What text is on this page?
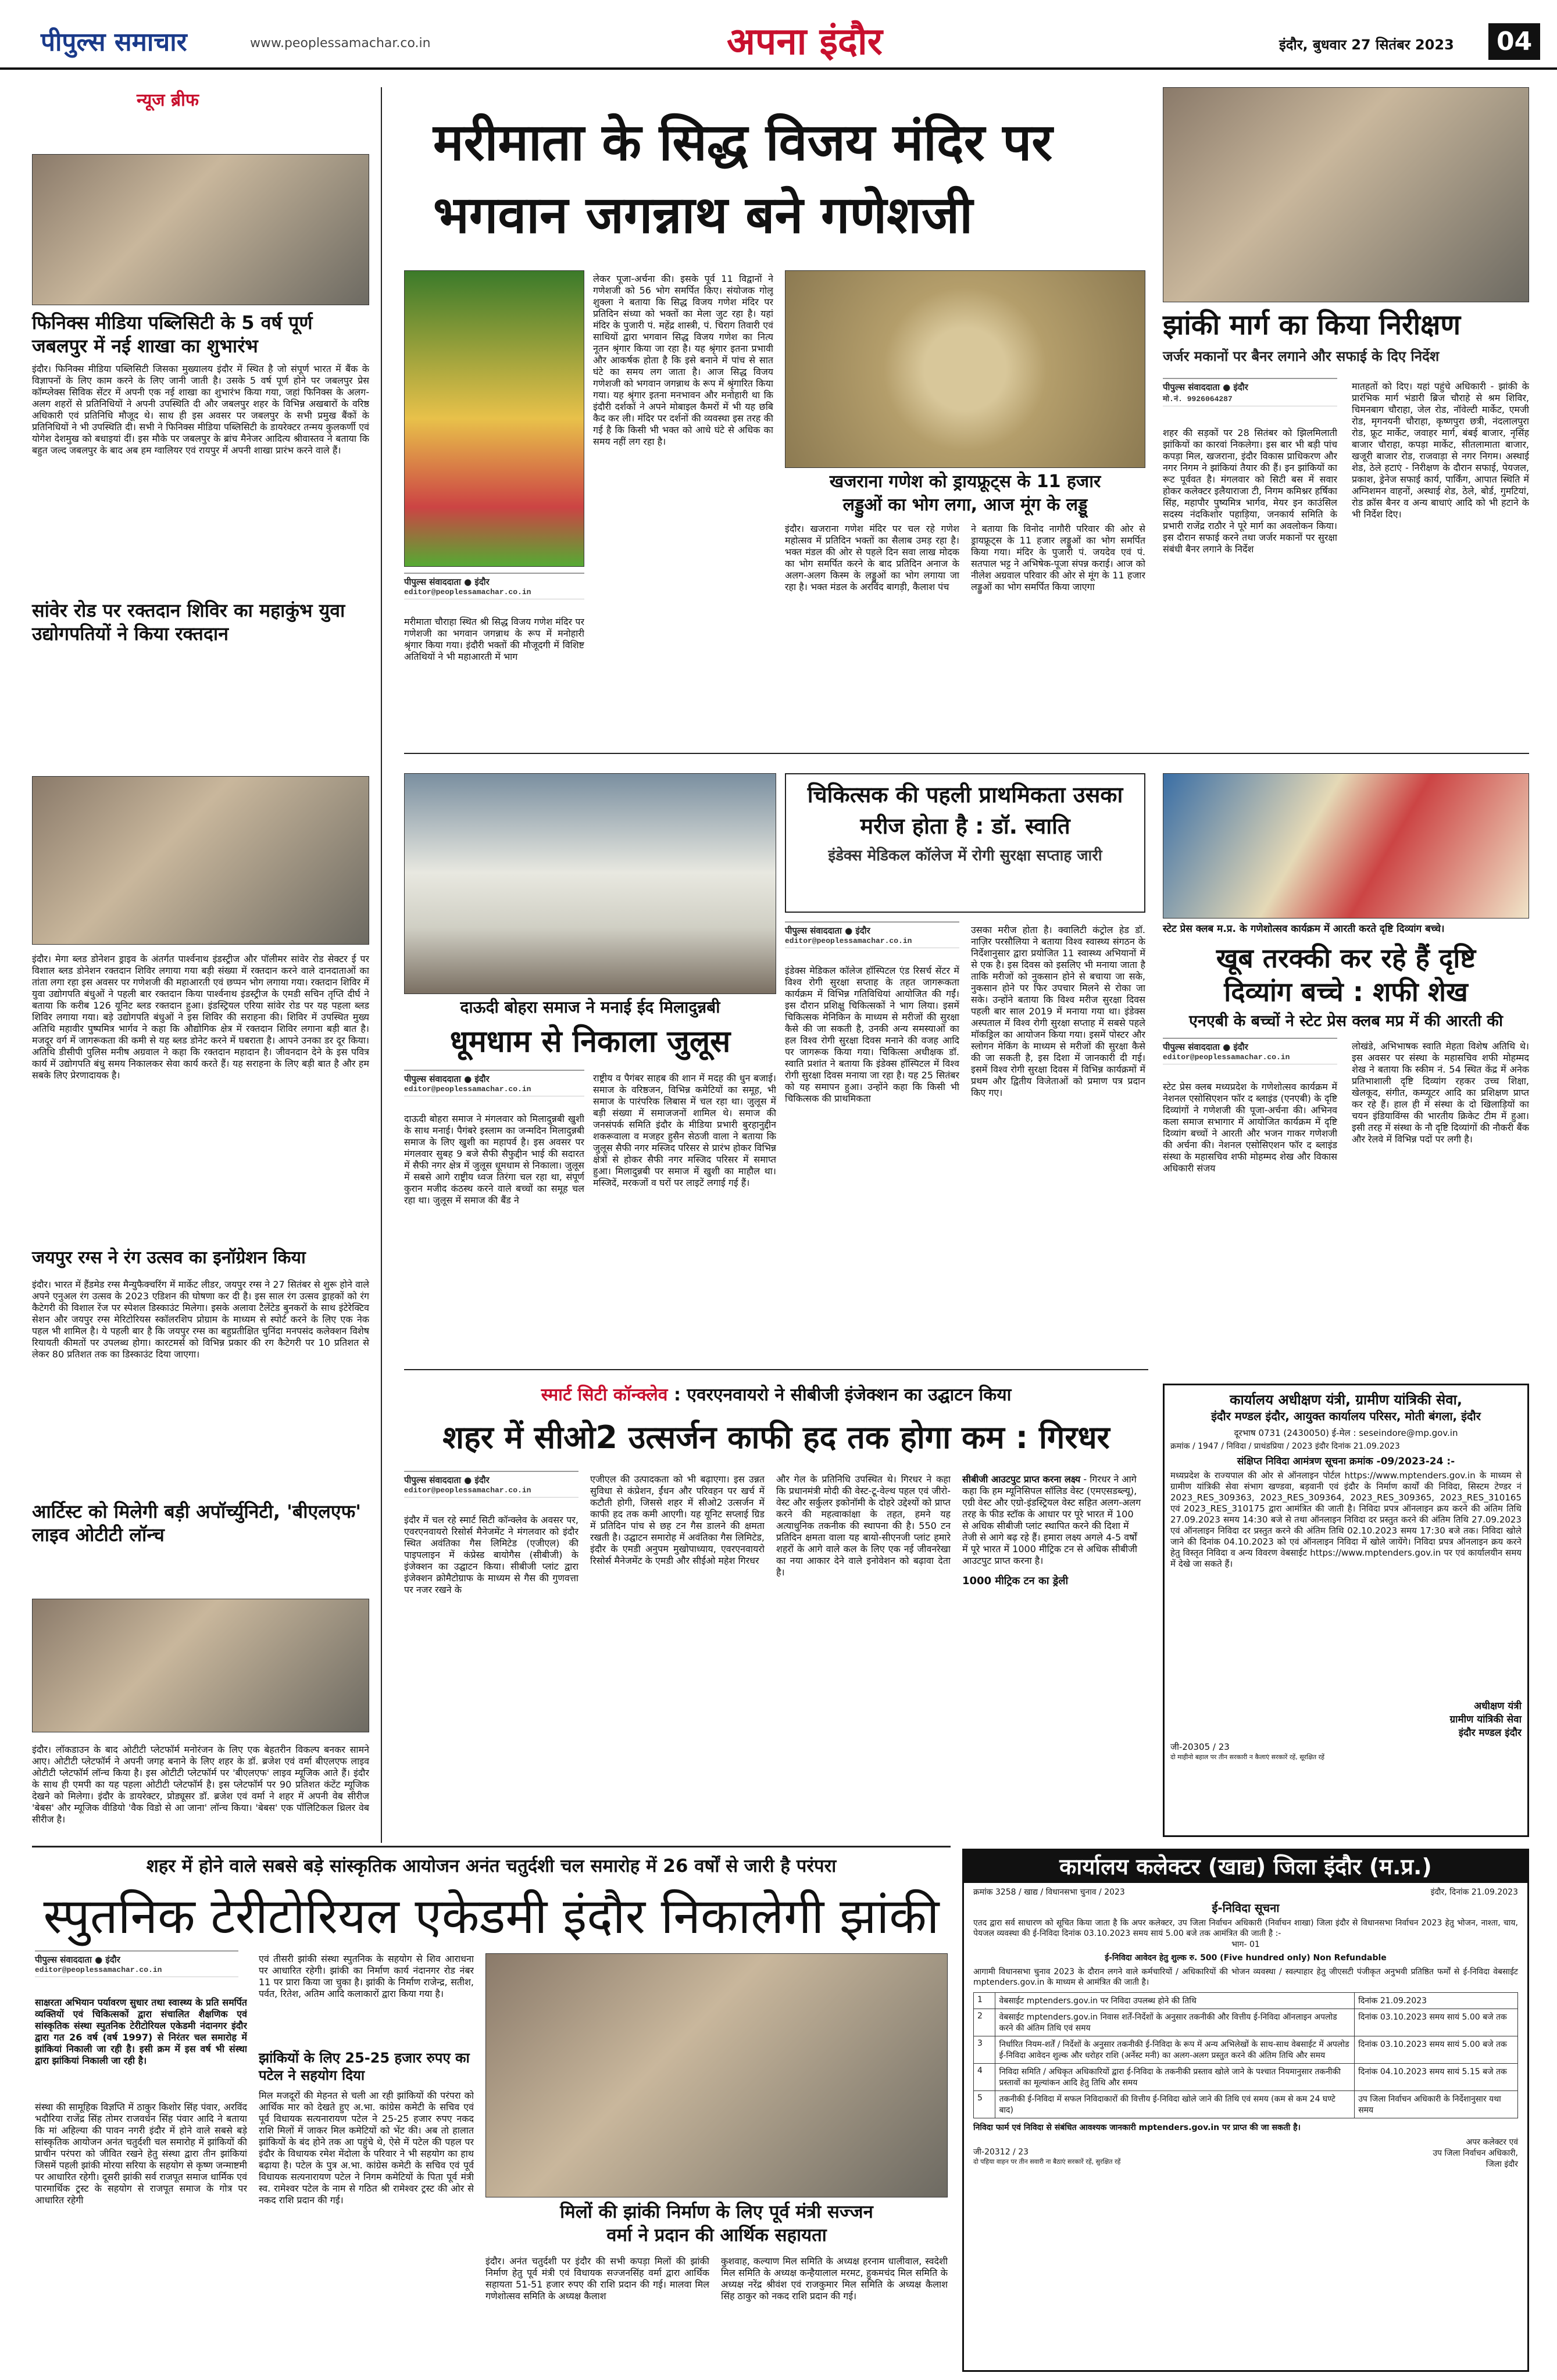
पीपुल्स समाचार	www.peoplessamachar.co.in	अपना इंदौर	इंदौर, बुधवार 27 सितंबर 2023	04
न्यूज ब्रीफ
फिनिक्स मीडिया पब्लिसिटी के 5 वर्ष पूर्ण जबलपुर में नई शाखा का शुभारंभ
इंदौर। फिनिक्स मीडिया पब्लिसिटी जिसका मुख्यालय इंदौर में स्थित है जो संपूर्ण भारत में बैंक के विज्ञापनों के लिए काम करने के लिए जानी जाती है। उसके 5 वर्ष पूर्ण होने पर जबलपुर प्रेस कॉम्प्लेक्स सिविक सेंटर में अपनी एक नई शाखा का शुभारंभ किया गया, जहां फिनिक्स के अलग-अलग शहरों से प्रतिनिधियों ने अपनी उपस्थिति दी और जबलपुर शहर के विभिन्न अखबारों के वरिष्ठ अधिकारी एवं प्रतिनिधि मौजूद थे। साथ ही इस अवसर पर जबलपुर के सभी प्रमुख बैंकों के प्रतिनिधियों ने भी उपस्थिति दी। सभी ने फिनिक्स मीडिया पब्लिसिटी के डायरेक्टर तन्मय कुलकर्णी एवं योगेश देशमुख को बधाइयां दीं। इस मौके पर जबलपुर के ब्रांच मैनेजर आदित्य श्रीवास्तव ने बताया कि बहुत जल्द जबलपुर के बाद अब हम ग्वालियर एवं रायपुर में अपनी शाखा प्रारंभ करने वाले हैं।
सांवेर रोड पर रक्तदान शिविर का महाकुंभ युवा उद्योगपतियों ने किया रक्तदान
इंदौर। मेगा ब्लड डोनेशन ड्राइव के अंतर्गत पार्श्वनाथ इंडस्ट्रीज और पॉलीमर सांवेर रोड सेक्टर ई पर विशाल ब्लड डोनेशन रक्तदान शिविर लगाया गया बड़ी संख्या में रक्तदान करने वाले दानदाताओं का तांता लगा रहा इस अवसर पर गणेशजी की महाआरती एवं छप्पन भोग लगाया गया। रक्तदान शिविर में युवा उद्योगपति बंधुओं ने पहली बार रक्तदान किया पार्श्वनाथ इंडस्ट्रीज के एमडी सचिन तृप्ति दीर्घ ने बताया कि करीब 126 यूनिट ब्लड रक्तदान हुआ। इंडस्ट्रियल एरिया सांवेर रोड पर यह पहला ब्लड शिविर लगाया गया। बड़े उद्योगपति बंधुओं ने इस शिविर की सराहना की। शिविर में उपस्थित मुख्य अतिथि महावीर पुष्पमित्र भार्गव ने कहा कि औद्योगिक क्षेत्र में रक्तदान शिविर लगाना बड़ी बात है। मजदूर वर्ग में जागरूकता की कमी से यह ब्लड डोनेट करने में घबराता है। आपने उनका डर दूर किया। अतिथि डीसीपी पुलिस मनीष अग्रवाल ने कहा कि रक्तदान महादान है। जीवनदान देने के इस पवित्र कार्य में उद्योगपति बंधु समय निकालकर सेवा कार्य करते हैं। यह सराहना के लिए बड़ी बात है और हम सबके लिए प्रेरणादायक है।
जयपुर रग्स ने रंग उत्सव का इनॉग्रेशन किया
इंदौर। भारत में हैंडमेड रग्स मैन्युफैक्चरिंग में मार्केट लीडर, जयपुर रग्स ने 27 सितंबर से शुरू होने वाले अपने एनुअल रंग उत्सव के 2023 एडिशन की घोषणा कर दी है। इस साल रंग उत्सव ड्राहकों को रंग कैटेगरी की विशाल रेंज पर स्पेशल डिस्काउंट मिलेगा। इसके अलावा टैलेंटेड बुनकरों के साथ इंटेरेक्टिव सेशन और जयपुर रग्स मेरिटोरियस स्कॉलरशिप प्रोग्राम के माध्यम से स्पोर्ट करने के लिए एक नेक पहल भी शामिल है। ये पहली बार है कि जयपुर रग्स का बहुप्रतीक्षित चुनिंदा मनपसंद कलेक्शन विशेष रियायती कीमतों पर उपलब्ध होगा। कारटमर्स को विभिन्न प्रकार की रग कैटेगरी पर 10 प्रतिशत से लेकर 80 प्रतिशत तक का डिस्काउंट दिया जाएगा।
आर्टिस्ट को मिलेगी बड़ी अपॉर्च्युनिटी, 'बीएलएफ' लाइव ओटीटी लॉन्च
इंदौर। लॉकडाउन के बाद ओटीटी प्लेटफॉर्म मनोरंजन के लिए एक बेहतरीन विकल्प बनकर सामने आए। ओटीटी प्लेटफॉर्म ने अपनी जगह बनाने के लिए शहर के डॉ. ब्रजेश एवं वर्मा बीएलएफ लाइव ओटीटी प्लेटफॉर्म लॉन्च किया है। इस ओटीटी प्लेटफॉर्म पर 'बीएलएफ' लाइव म्यूजिक आते हैं। इंदौर के साथ ही एमपी का यह पहला ओटीटी प्लेटफॉर्म है। इस प्लेटफॉर्म पर 90 प्रतिशत कंटेंट म्यूजिक देखने को मिलेगा। इंदौर के डायरेक्टर, प्रोड्यूसर डॉ. ब्रजेश एवं वर्मा ने शहर में अपनी वेब सीरीज 'बेबस' और म्यूजिक वीडियो 'वैक विडो से आ जाना' लॉन्च किया। 'बेबस' एक पॉलिटिकल थ्रिलर वेब सीरीज है।
मरीमाता के सिद्ध विजय मंदिर पर
भगवान जगन्नाथ बने गणेशजी
पीपुल्स संवाददाता ● इंदौर
editor@peoplessamachar.co.in
मरीमाता चौराहा स्थित श्री सिद्ध विजय गणेश मंदिर पर गणेशजी का भगवान जगन्नाथ के रूप में मनोहारी श्रृंगार किया गया। इंदौरी भक्तों की मौजूदगी में विशिष्ट अतिथियों ने भी महाआरती में भाग
लेकर पूजा-अर्चना की। इसके पूर्व 11 विद्वानों ने गणेशजी को 56 भोग समर्पित किए। संयोजक गोलू शुक्ला ने बताया कि सिद्ध विजय गणेश मंदिर पर प्रतिदिन संध्या को भक्तों का मेला जुट रहा है। यहां मंदिर के पुजारी पं. महेंद्र शास्त्री, पं. चिराग तिवारी एवं साथियों द्वारा भगवान सिद्ध विजय गणेश का नित्य नूतन श्रृंगार किया जा रहा है। यह श्रृंगार इतना प्रभावी और आकर्षक होता है कि इसे बनाने में पांच से सात घंटे का समय लग जाता है। आज सिद्ध विजय गणेशजी को भगवान जगन्नाथ के रूप में श्रृंगारित किया गया। यह श्रृंगार इतना मनभावन और मनोहारी था कि इंदौरी दर्शकों ने अपने मोबाइल कैमरों में भी यह छबि कैद कर ली। मंदिर पर दर्शनों की व्यवस्था इस तरह की गई है कि किसी भी भक्त को आधे घंटे से अधिक का समय नहीं लग रहा है।
खजराना गणेश को ड्रायफ्रूट्स के 11 हजार
लड्डुओं का भोग लगा, आज मूंग के लड्डू
इंदौर। खजराना गणेश मंदिर पर चल रहे गणेश महोत्सव में प्रतिदिन भक्तों का सैलाब उमड़ रहा है। भक्त मंडल की ओर से पहले दिन सवा लाख मोदक का भोग समर्पित करने के बाद प्रतिदिन अनाज के अलग-अलग किस्म के लड्डुओं का भोग लगाया जा रहा है। भक्त मंडल के अरविंद बागड़ी, कैलाश पंच
ने बताया कि विनोद नागौरी परिवार की ओर से ड्रायफ्रूट्स के 11 हजार लड्डुओं का भोग समर्पित किया गया। मंदिर के पुजारी पं. जयदेव एवं पं. सतपाल भट्ट ने अभिषेक-पूजा संपन्न कराई। आज को नीलेश अग्रवाल परिवार की ओर से मूंग के 11 हजार लड्डुओं का भोग समर्पित किया जाएगा
झांकी मार्ग का किया निरीक्षण
जर्जर मकानों पर बैनर लगाने और सफाई के दिए निर्देश
पीपुल्स संवाददाता ● इंदौर
मो.नं. 9926064287
शहर की सड़कों पर 28 सितंबर को झिलमिलाती झांकियों का कारवां निकलेगा। इस बार भी बड़ी पांच कपड़ा मिल, खजराना, इंदौर विकास प्राधिकरण और नगर निगम ने झांकियां तैयार की हैं। इन झांकियों का रूट पूर्ववत है। मंगलवार को सिटी बस में सवार होकर कलेक्टर इलैयाराजा टी, निगम कमिश्नर हर्षिका सिंह, महापौर पुष्यमित्र भार्गव, मेयर इन काउंसिल सदस्य नंदकिशोर पहाड़िया, जनकार्य समिति के प्रभारी राजेंद्र राठौर ने पूरे मार्ग का अवलोकन किया। इस दौरान सफाई करने तथा जर्जर मकानों पर सुरक्षा संबंधी बैनर लगाने के निर्देश
मातहतों को दिए। यहां पहुंचे अधिकारी - झांकी के प्रारंभिक मार्ग भंडारी ब्रिज चौराहे से श्रम शिविर, चिमनबाग चौराहा, जेल रोड, नॉवेल्टी मार्केट, एमजी रोड, मृगनयनी चौराहा, कृष्णपुरा छत्री, नंदलालपुरा रोड, फ्रूट मार्केट, जवाहर मार्ग, बंबई बाजार, नृसिंह बाजार चौराहा, कपड़ा मार्केट, सीतलामाता बाजार, खजूरी बाजार रोड, राजवाड़ा से नगर निगम। अस्थाई शेड, ठेले हटाएं - निरीक्षण के दौरान सफाई, पेयजल, प्रकाश, ड्रेनेज सफाई कार्य, पार्किंग, आपात स्थिति में अग्निशमन वाहनों, अस्थाई शेड, ठेले, बोर्ड, गुमटियां, रोड क्रॉस बैनर व अन्य बाधाएं आदि को भी हटाने के भी निर्देश दिए।
दाऊदी बोहरा समाज ने मनाई ईद मिलादुन्नबी
धूमधाम से निकाला जुलूस
पीपुल्स संवाददाता ● इंदौर
editor@peoplessamachar.co.in
दाऊदी बोहरा समाज ने मंगलवार को मिलादुन्नबी खुशी के साथ मनाई। पैगंबरे इस्लाम का जन्मदिन मिलादुन्नबी समाज के लिए खुशी का महापर्व है। इस अवसर पर मंगलवार सुबह 9 बजे सैफी सैफुद्दीन भाई की सदारत में सैफी नगर क्षेत्र में जुलूस धूमधाम से निकाला। जुलूस में सबसे आगे राष्ट्रीय ध्वज तिरंगा चल रहा था, संपूर्ण कुरान मजीद कंठस्थ करने वाले बच्चों का समूह चल रहा था। जुलूस में समाज की बैंड ने
राष्ट्रीय व पैगंबर साहब की शान में मदह की धुन बजाई। समाज के वरिष्ठजन, विभिन्न कमेटियों का समूह, भी समाज के पारंपरिक लिबास में चल रहा था। जुलूस में बड़ी संख्या में समाजजनों शामिल थे। समाज की जनसंपर्क समिति इंदौर के मीडिया प्रभारी बुरहानुद्दीन शकरूवाला व मजहर हुसैन सेठजी वाला ने बताया कि जुलूस सैफी नगर मस्जिद परिसर से प्रारंभ होकर विभिन्न क्षेत्रों से होकर सैफी नगर मस्जिद परिसर में समाप्त हुआ। मिलादुन्नबी पर समाज में खुशी का माहौल था। मस्जिदें, मरकजों व घरों पर लाइटें लगाई गई हैं।
चिकित्सक की पहली प्राथमिकता उसका मरीज होता है : डॉ. स्वाति
इंडेक्स मेडिकल कॉलेज में रोगी सुरक्षा सप्ताह जारी
पीपुल्स संवाददाता ● इंदौर
editor@peoplessamachar.co.in
इंडेक्स मेडिकल कॉलेज हॉस्पिटल एंड रिसर्च सेंटर में विश्व रोगी सुरक्षा सप्ताह के तहत जागरूकता कार्यक्रम में विभिन्न गतिविधियां आयोजित की गईं। इस दौरान प्रशिक्षु चिकित्सकों ने भाग लिया। इसमें चिकित्सक मेनिकिन के माध्यम से मरीजों की सुरक्षा कैसे की जा सकती है, उनकी अन्य समस्याओं का हल विश्व रोगी सुरक्षा दिवस मनाने की वजह आदि पर जागरूक किया गया। चिकित्सा अधीक्षक डॉ. स्वाति प्रशांत ने बताया कि इंडेक्स हॉस्पिटल में विश्व रोगी सुरक्षा दिवस मनाया जा रहा है। यह 25 सितंबर को यह समापन हुआ। उन्होंने कहा कि किसी भी चिकित्सक की प्राथमिकता
उसका मरीज होता है। क्वालिटी कंट्रोल हेड डॉ. नाज़िर परसौलिया ने बताया विश्व स्वास्थ्य संगठन के निर्देशानुसार द्वारा प्रयोजित 11 स्वास्थ्य अभियानों में से एक है। इस दिवस को इसलिए भी मनाया जाता है ताकि मरीजों को नुकसान होने से बचाया जा सके, नुकसान होने पर फिर उपचार मिलने से रोका जा सके। उन्होंने बताया कि विश्व मरीज सुरक्षा दिवस पहली बार साल 2019 में मनाया गया था। इंडेक्स अस्पताल में विश्व रोगी सुरक्षा सप्ताह में सबसे पहले मॉकड्रिल का आयोजन किया गया। इसमें पोस्टर और स्लोगन मेकिंग के माध्यम से मरीजों की सुरक्षा कैसे की जा सकती है, इस दिशा में जानकारी दी गई। इसमें विश्व रोगी सुरक्षा दिवस में विभिन्न कार्यक्रमों में प्रथम और द्वितीय विजेताओं को प्रमाण पत्र प्रदान किए गए।
स्टेट प्रेस क्लब म.प्र. के गणेशोत्सव कार्यक्रम में आरती करते दृष्टि दिव्यांग बच्चे।
खूब तरक्की कर रहे हैं दृष्टि
दिव्यांग बच्चे : शफी शेख
एनएबी के बच्चों ने स्टेट प्रेस क्लब मप्र में की आरती की
पीपुल्स संवाददाता ● इंदौर
editor@peoplessamachar.co.in
स्टेट प्रेस क्लब मध्यप्रदेश के गणेशोत्सव कार्यक्रम में नेशनल एसोसिएशन फॉर द ब्लाइंड (एनएबी) के दृष्टि दिव्यांगों ने गणेशजी की पूजा-अर्चना की। अभिनव कला समाज सभागार में आयोजित कार्यक्रम में दृष्टि दिव्यांग बच्चों ने आरती और भजन गाकर गणेशजी की अर्चना की। नेशनल एसोसिएशन फॉर द ब्लाइंड संस्था के महासचिव शफी मोहम्मद शेख और विकास अधिकारी संजय
लोखंडे, अभिभाषक स्वाति मेहता विशेष अतिथि थे। इस अवसर पर संस्था के महासचिव शफी मोहम्मद शेख ने बताया कि स्कीम नं. 54 स्थित केंद्र में अनेक प्रतिभाशाली दृष्टि दिव्यांग रहकर उच्च शिक्षा, खेलकूद, संगीत, कम्प्यूटर आदि का प्रशिक्षण प्राप्त कर रहे हैं। हाल ही में संस्था के दो खिलाड़ियों का चयन इंडियाविंग्स की भारतीय क्रिकेट टीम में हुआ। इसी तरह में संस्था के नौ दृष्टि दिव्यांगों की नौकरी बैंक और रेलवे में विभिन्न पदों पर लगी है।
स्मार्ट सिटी कॉन्क्लेव : एवरएनवायरो ने सीबीजी इंजेक्शन का उद्घाटन किया
शहर में सीओ2 उत्सर्जन काफी हद तक होगा कम : गिरधर
पीपुल्स संवाददाता ● इंदौर
editor@peoplessamachar.co.in
इंदौर में चल रहे स्मार्ट सिटी कॉन्क्लेव के अवसर पर, एवरएनवायरो रिसोर्स मैनेजमेंट ने मंगलवार को इंदौर स्थित अवंतिका गैस लिमिटेड (एजीएल) की पाइपलाइन में कंप्रेस्ड बायोगैस (सीबीजी) के इंजेक्शन का उद्घाटन किया। सीबीजी प्लांट द्वारा इंजेक्शन क्रोमैटोग्राफ के माध्यम से गैस की गुणवत्ता पर नजर रखने के
एजीएल की उत्पादकता को भी बढ़ाएगा। इस उन्नत सुविधा से कंप्रेशन, ईंधन और परिवहन पर खर्च में कटौती होगी, जिससे शहर में सीओ2 उत्सर्जन में काफी हद तक कमी आएगी। यह यूनिट सप्लाई ग्रिड में प्रतिदिन पांच से छह टन गैस डालने की क्षमता रखती है। उद्घाटन समारोह में अवंतिका गैस लिमिटेड, इंदौर के एमडी अनुपम मुखोपाध्याय, एवरएनवायरो रिसोर्स मैनेजमेंट के एमडी और सीईओ महेश गिरधर
और गेल के प्रतिनिधि उपस्थित थे। गिरधर ने कहा कि प्रधानमंत्री मोदी की वेस्ट-टू-वेल्थ पहल एवं जीरो-वेस्ट और सर्कुलर इकोनॉमी के दोहरे उद्देश्यों को प्राप्त करने की महत्वाकांक्षा के तहत, हमने यह अत्याधुनिक तकनीक की स्थापना की है। 550 टन प्रतिदिन क्षमता वाला यह बायो-सीएनजी प्लांट हमारे शहरों के आगे वाले कल के लिए एक नई जीवनरेखा का नया आकार देने वाले इनोवेशन को बढ़ावा देता है।
सीबीजी आउटपुट प्राप्त करना लक्ष्य - गिरधर ने आगे कहा कि हम म्यूनिसिपल सॉलिड वेस्ट (एमएसडब्ल्यू), एग्री वेस्ट और एग्रो-इंडस्ट्रियल वेस्ट सहित अलग-अलग तरह के फीड स्टॉक के आधार पर पूरे भारत में 100 से अधिक सीबीजी प्लांट स्थापित करने की दिशा में तेजी से आगे बढ़ रहे हैं। हमारा लक्ष्य अगले 4-5 वर्षों में पूरे भारत में 1000 मीट्रिक टन से अधिक सीबीजी आउटपुट प्राप्त करना है।
1000 मीट्रिक टन का ड्रेली
कार्यालय अधीक्षण यंत्री, ग्रामीण यांत्रिकी सेवा,
इंदौर मण्डल इंदौर, आयुक्त कार्यालय परिसर, मोती बंगला, इंदौर
दूरभाष 0731 (2430050) ई-मेल : seseindore@mp.gov.in
क्रमांक / 1947 / निविदा / प्राथंडप्रिया / 2023 इंदौर दिनांक 21.09.2023
संक्षिप्त निविदा आमंत्रण सूचना क्रमांक -09/2023-24 :-
मध्यप्रदेश के राज्यपाल की ओर से ऑनलाइन पोर्टल https://www.mptenders.gov.in के माध्यम से ग्रामीण यांत्रिकी सेवा संभाग खण्डवा, बड़वानी एवं इंदौर के निर्माण कार्यों की निविदा, सिस्टम टेण्डर नं 2023_RES_309363, 2023_RES_309364, 2023_RES_309365, 2023_RES_310165 एवं 2023_RES_310175 द्वारा आमंत्रित की जाती है। निविदा प्रपत्र ऑनलाइन क्रय करने की अंतिम तिथि 27.09.2023 समय 14:30 बजे से तथा ऑनलाइन निविदा दर प्रस्तुत करने की अंतिम तिथि 27.09.2023 एवं ऑनलाइन निविदा दर प्रस्तुत करने की अंतिम तिथि 02.10.2023 समय 17:30 बजे तक। निविदा खोले जाने की दिनांक 04.10.2023 को एवं ऑनलाइन निविदा में खोले जायेंगे। निविदा प्रपत्र ऑनलाइन क्रय करने हेतु विस्तृत निविदा व अन्य विवरण वेबसाईट https://www.mptenders.gov.in पर एवं कार्यालयीन समय में देखे जा सकते हैं।
अधीक्षण यंत्री
ग्रामीण यांत्रिकी सेवा
इंदौर मण्डल इंदौर
जी-20305 / 23
दो माहीनो बहाल पर तीन सरकारी न कैलाएं सरकारें रहें, सूरक्षित रहें
शहर में होने वाले सबसे बड़े सांस्कृतिक आयोजन अनंत चतुर्दशी चल समारोह में 26 वर्षों से जारी है परंपरा
स्पुतनिक टेरीटोरियल एकेडमी इंदौर निकालेगी झांकी
पीपुल्स संवाददाता ● इंदौर
editor@peoplessamachar.co.in
साक्षरता अभियान पर्यावरण सुधार तथा स्वास्थ्य के प्रति समर्पित व्यक्तियों एवं चिकित्सकों द्वारा संचालित शैक्षणिक एवं सांस्कृतिक संस्था स्पुतनिक टेरीटोरियल एकेडमी नंदानगर इंदौर द्वारा गत 26 वर्ष (वर्ष 1997) से निरंतर चल समारोह में झांकियां निकाली जा रही है। इसी क्रम में इस वर्ष भी संस्था द्वारा झांकियां निकाली जा रही है।
संस्था की सामूहिक विज्ञप्ति में ठाकुर किशोर सिंह पंवार, अरविंद भदौरिया राजेंद्र सिंह तोमर राजवर्धन सिंह पंवार आदि ने बताया कि मां अहिल्या की पावन नगरी इंदौर में होने वाले सबसे बड़े सांस्कृतिक आयोजन अनंत चतुर्दशी चल समारोह में झांकियों की प्राचीन परंपरा को जीवित रखने हेतु संस्था द्वारा तीन झांकियां जिसमें पहली झांकी मोरया सरिया के सहयोग से कृष्ण जन्माष्टमी पर आधारित रहेगी। दूसरी झांकी सर्व राजपूत समाज धार्मिक एवं पारमार्थिक ट्रस्ट के सहयोग से राजपूत समाज के गोत्र पर आधारित रहेगी
एवं तीसरी झांकी संस्था स्पुतनिक के सहयोग से शिव आराधना पर आधारित रहेगी। झांकी का निर्माण कार्य नंदानगर रोड नंबर 11 पर प्रारा किया जा चुका है। झांकी के निर्माण राजेन्द्र, सतीश, पर्वत, रितेश, अतिम आदि कलाकारों द्वारा किया गया है।
झांकियों के लिए 25-25 हजार रुपए का पटेल ने सहयोग दिया
मिल मजदूरों की मेहनत से चली आ रही झांकियों की परंपरा को आर्थिक मार को देखते हुए अ.भा. कांग्रेस कमेटी के सचिव एवं पूर्व विधायक सत्यनारायण पटेल ने 25-25 हजार रुपए नकद राशि मिलों में जाकर मिल कमेटियों को भेंट की। अब तो हालात झांकियों के बंद होने तक आ पहुंचे थे, ऐसे में पटेल की पहल पर इंदौर के विधायक रमेश मेंदोला के परिवार ने भी सहयोग का हाथ बढ़ाया है। पटेल के पुत्र अ.भा. कांग्रेस कमेटी के सचिव एवं पूर्व विधायक सत्यनारायण पटेल ने निगम कमेटियों के पिता पूर्व मंत्री स्व. रामेश्वर पटेल के नाम से गठित श्री रामेश्वर ट्रस्ट की ओर से नकद राशि प्रदान की गई।
मिलों की झांकी निर्माण के लिए पूर्व मंत्री सज्जन
वर्मा ने प्रदान की आर्थिक सहायता
इंदौर। अनंत चतुर्दशी पर इंदौर की सभी कपड़ा मिलों की झांकी निर्माण हेतु पूर्व मंत्री एवं विधायक सज्जनसिंह वर्मा द्वारा आर्थिक सहायता 51-51 हजार रुपए की राशि प्रदान की गई। मालवा मिल गणेशोत्सव समिति के अध्यक्ष कैलाश
कुशवाह, कल्याण मिल समिति के अध्यक्ष हरनाम धालीवाल, स्वदेशी मिल समिति के अध्यक्ष कन्हैयालाल मरमट, हुकमचंद मिल समिति के अध्यक्ष नरेंद्र श्रीवंश एवं राजकुमार मिल समिति के अध्यक्ष कैलाश सिंह ठाकुर को नकद राशि प्रदान की गई।
कार्यालय कलेक्टर (खाद्य) जिला इंदौर (म.प्र.)
क्रमांक 3258 / खाद्य / विधानसभा चुनाव / 2023	इंदौर, दिनांक 21.09.2023
ई-निविदा सूचना
एतद द्वारा सर्व साधारण को सूचित किया जाता है कि अपर कलेक्टर, उप जिला निर्वाचन अधिकारी (निर्वाचन शाखा) जिला इंदौर से विधानसभा निर्वाचन 2023 हेतु भोजन, नाश्ता, चाय, पेयजल व्यवस्था की ई-निविदा दिनांक 03.10.2023 समय सायं 5.00 बजे तक आमंत्रित की जाती है :-
भाग- 01
ई-निविदा आवेदन हेतु शुल्क रु. 500 (Five hundred only) Non Refundable
आगामी विधानसभा चुनाव 2023 के दौरान लगने वाले कर्मचारियों / अधिकारियों की भोजन व्यवस्था / स्वल्पाहार हेतु जीएसटी पंजीकृत अनुभवी प्रतिष्ठित फर्मों से ई-निविदा वेबसाईट mptenders.gov.in के माध्यम से आमंत्रित की जाती है।
1	वेबसाईट mptenders.gov.in पर निविदा उपलब्ध होने की तिथि	दिनांक 21.09.2023
2	वेबसाईट mptenders.gov.in निवास शर्तें-निर्देशों के अनुसार तकनीकी और वित्तीय ई-निविदा ऑनलाइन अपलोड करने की अंतिम तिथि एवं समय	दिनांक 03.10.2023 समय सायं 5.00 बजे तक
3	निर्धारित नियम-शर्तें / निर्देशों के अनुसार तकनीकी ई-निविदा के रूप में अन्य अभिलेखों के साथ-साथ वेबसाईट में अपलोड ई-निविदा आवेदन शुल्क और धरोहर राशि (अर्नेस्ट मनी) का अलग-अलग प्रस्तुत करने की अंतिम तिथि और समय	दिनांक 03.10.2023 समय सायं 5.00 बजे तक
4	निविदा समिति / अधिकृत अधिकारियों द्वारा ई-निविदा के तकनीकी प्रस्ताव खोले जाने के पश्चात नियमानुसार तकनीकी प्रस्तावों का मूल्यांकन आदि हेतु तिथि और समय	दिनांक 04.10.2023 समय सायं 5.15 बजे तक
5	तकनीकी ई-निविदा में सफल निविदाकारों की वित्तीय ई-निविदा खोले जाने की तिथि एवं समय (कम से कम 24 घण्टे बाद)	उप जिला निर्वाचन अधिकारी के निर्देशानुसार यथा समय
निविदा फार्म एवं निविदा से संबंधित आवश्यक जानकारी mptenders.gov.in पर प्राप्त की जा सकती है।
अपर कलेक्टर एवं
उप जिला निर्वाचन अधिकारी,
जिला इंदौर
जी-20312 / 23
दो पहिया वाहन पर तीन सवारी ना बैठाएं सरकारें रहें, सुरक्षित रहें
